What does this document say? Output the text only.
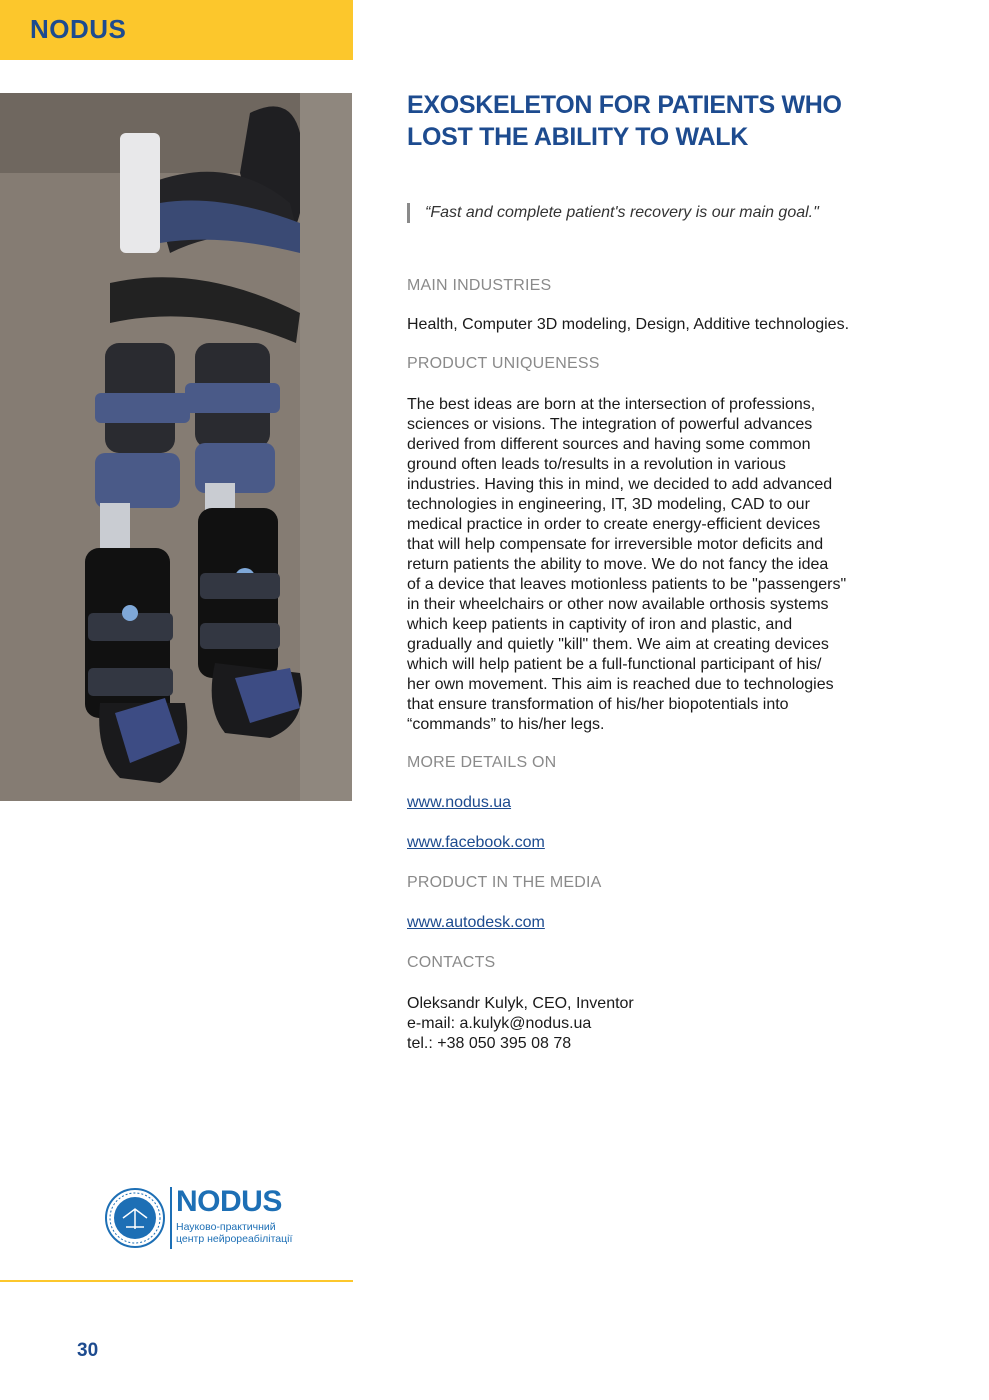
NODUS
EXOSKELETON FOR PATIENTS WHO
LOST THE ABILITY TO WALK
“Fast and complete patient's recovery is our main goal."
MAIN INDUSTRIES
Health, Computer 3D modeling, Design, Additive technologies.
PRODUCT UNIQUENESS
The best ideas are born at the intersection of professions,
sciences or visions. The integration of powerful advances
derived from different sources and having some common
ground often leads to/results in a revolution in various
industries. Having this in mind, we decided to add advanced
technologies in engineering, IT, 3D modeling, CAD to our
medical practice in order to create energy-efficient devices
that will help compensate for irreversible motor deficits and
return patients the ability to move. We do not fancy the idea
of a device that leaves motionless patients to be "passengers"
in their wheelchairs or other now available orthosis systems
which keep patients in captivity of iron and plastic, and
gradually and quietly "kill" them. We aim at creating devices
which will help patient be a full-functional participant of his/
her own movement. This aim is reached due to technologies
that ensure transformation of his/her biopotentials into
“commands” to his/her legs.
MORE DETAILS ON
www.nodus.ua
www.facebook.com
PRODUCT IN THE MEDIA
www.autodesk.com
CONTACTS
Oleksandr Kulyk, CEO, Inventor
e-mail: a.kulyk@nodus.ua
tel.: +38 050 395 08 78
NODUS
Науково-практичний
центр нейрореабілітації
30
